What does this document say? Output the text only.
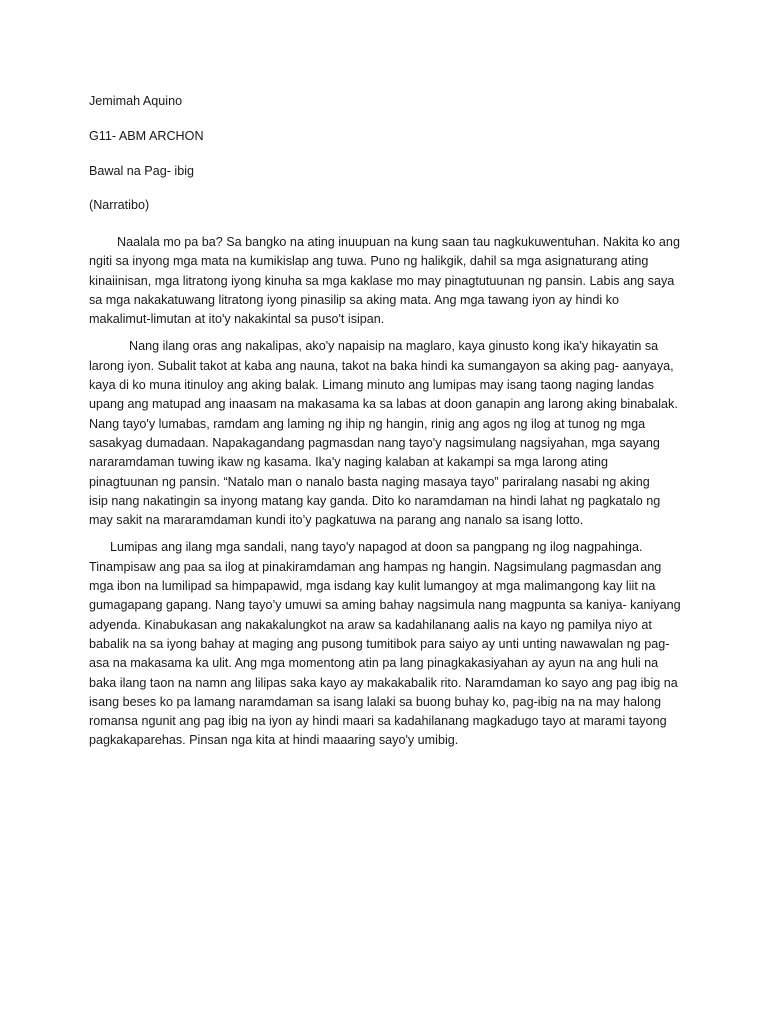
Jemimah Aquino
G11- ABM ARCHON
Bawal na Pag- ibig
(Narratibo)
Naalala mo pa ba? Sa bangko na ating inuupuan na kung saan tau nagkukuwentuhan. Nakita ko ang
ngiti sa inyong mga mata na kumikislap ang tuwa. Puno ng halikgik, dahil sa mga asignaturang ating
kinaiinisan, mga litratong iyong kinuha sa mga kaklase mo may pinagtutuunan ng pansin. Labis ang saya
sa mga nakakatuwang litratong iyong pinasilip sa aking mata. Ang mga tawang iyon ay hindi ko
makalimut-limutan at ito'y nakakintal sa puso't isipan.
Nang ilang oras ang nakalipas, ako'y napaisip na maglaro, kaya ginusto kong ika'y hikayatin sa
larong iyon. Subalit takot at kaba ang nauna, takot na baka hindi ka sumangayon sa aking pag- aanyaya,
kaya di ko muna itinuloy ang aking balak. Limang minuto ang lumipas may isang taong naging landas
upang ang matupad ang inaasam na makasama ka sa labas at doon ganapin ang larong aking binabalak.
Nang tayo'y lumabas, ramdam ang laming ng ihip ng hangin, rinig ang agos ng ilog at tunog ng mga
sasakyag dumadaan. Napakagandang pagmasdan nang tayo'y nagsimulang nagsiyahan, mga sayang
nararamdaman tuwing ikaw ng kasama. Ika'y naging kalaban at kakampi sa mga larong ating
pinagtuunan ng pansin. “Natalo man o nanalo basta naging masaya tayo” pariralang nasabi ng aking
isip nang nakatingin sa inyong matang kay ganda. Dito ko naramdaman na hindi lahat ng pagkatalo ng
may sakit na mararamdaman kundi ito’y pagkatuwa na parang ang nanalo sa isang lotto.
Lumipas ang ilang mga sandali, nang tayo'y napagod at doon sa pangpang ng ilog nagpahinga.
Tinampisaw ang paa sa ilog at pinakiramdaman ang hampas ng hangin. Nagsimulang pagmasdan ang
mga ibon na lumilipad sa himpapawid, mga isdang kay kulit lumangoy at mga malimangong kay liit na
gumagapang gapang. Nang tayo’y umuwi sa aming bahay nagsimula nang magpunta sa kaniya- kaniyang
adyenda. Kinabukasan ang nakakalungkot na araw sa kadahilanang aalis na kayo ng pamilya niyo at
babalik na sa iyong bahay at maging ang pusong tumitibok para saiyo ay unti unting nawawalan ng pag-
asa na makasama ka ulit. Ang mga momentong atin pa lang pinagkakasiyahan ay ayun na ang huli na
baka ilang taon na namn ang lilipas saka kayo ay makakabalik rito. Naramdaman ko sayo ang pag ibig na
isang beses ko pa lamang naramdaman sa isang lalaki sa buong buhay ko, pag-ibig na na may halong
romansa ngunit ang pag ibig na iyon ay hindi maari sa kadahilanang magkadugo tayo at marami tayong
pagkakaparehas. Pinsan nga kita at hindi maaaring sayo'y umibig.
